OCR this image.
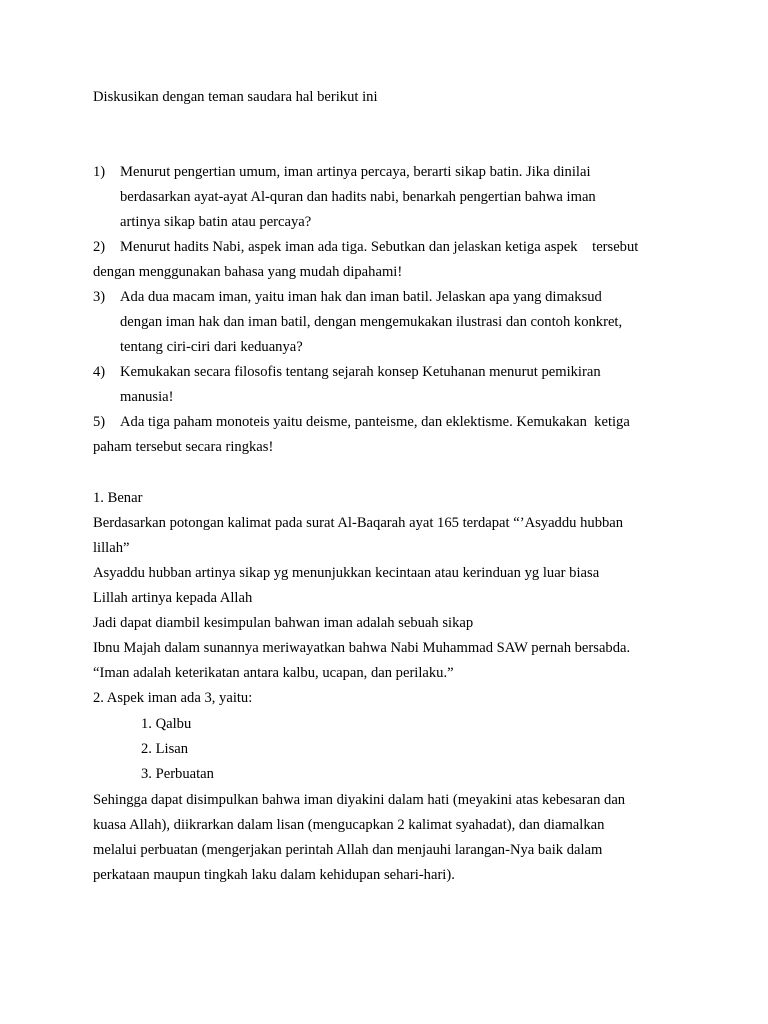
Diskusikan dengan teman saudara hal berikut ini
1) Menurut pengertian umum, iman artinya percaya, berarti sikap batin. Jika dinilai
berdasarkan ayat-ayat Al-quran dan hadits nabi, benarkah pengertian bahwa iman
artinya sikap batin atau percaya?
2) Menurut hadits Nabi, aspek iman ada tiga. Sebutkan dan jelaskan ketiga aspek    tersebut
dengan menggunakan bahasa yang mudah dipahami!
3) Ada dua macam iman, yaitu iman hak dan iman batil. Jelaskan apa yang dimaksud
dengan iman hak dan iman batil, dengan mengemukakan ilustrasi dan contoh konkret,
tentang ciri-ciri dari keduanya?
4) Kemukakan secara filosofis tentang sejarah konsep Ketuhanan menurut pemikiran
manusia!
5) Ada tiga paham monoteis yaitu deisme, panteisme, dan eklektisme. Kemukakan  ketiga
paham tersebut secara ringkas!
1. Benar
Berdasarkan potongan kalimat pada surat Al-Baqarah ayat 165 terdapat “’Asyaddu hubban
lillah”
Asyaddu hubban artinya sikap yg menunjukkan kecintaan atau kerinduan yg luar biasa
Lillah artinya kepada Allah
Jadi dapat diambil kesimpulan bahwan iman adalah sebuah sikap
Ibnu Majah dalam sunannya meriwayatkan bahwa Nabi Muhammad SAW pernah bersabda.
“Iman adalah keterikatan antara kalbu, ucapan, dan perilaku.”
2. Aspek iman ada 3, yaitu:
1. Qalbu
2. Lisan
3. Perbuatan
Sehingga dapat disimpulkan bahwa iman diyakini dalam hati (meyakini atas kebesaran dan
kuasa Allah), diikrarkan dalam lisan (mengucapkan 2 kalimat syahadat), dan diamalkan
melalui perbuatan (mengerjakan perintah Allah dan menjauhi larangan-Nya baik dalam
perkataan maupun tingkah laku dalam kehidupan sehari-hari).
